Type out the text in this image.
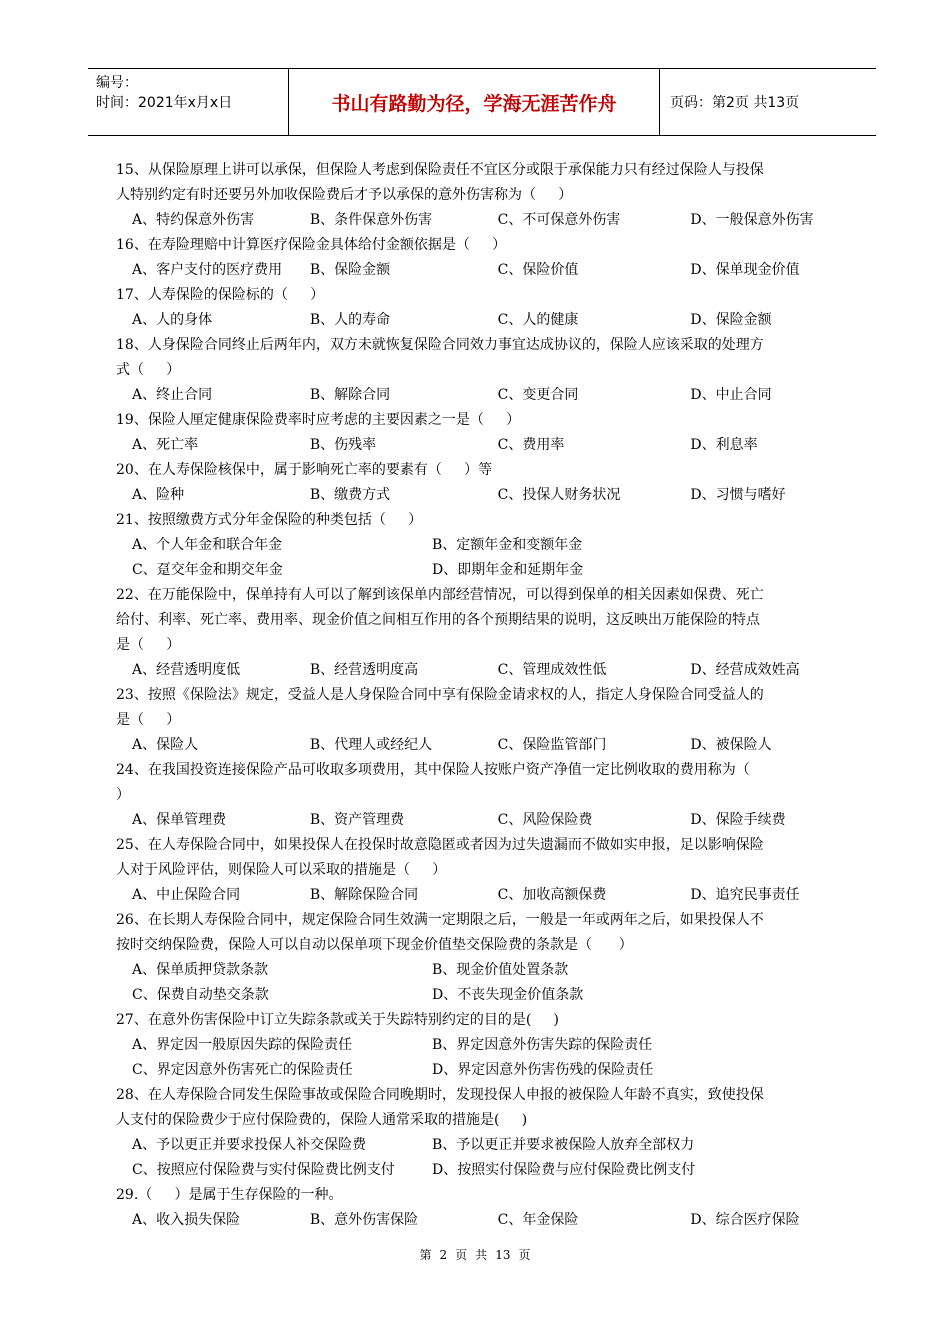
编号：
时间：2021年x月x日	书山有路勤为径，学海无涯苦作舟	页码：第2页 共13页
15、从保险原理上讲可以承保，但保险人考虑到保险责任不宜区分或限于承保能力只有经过保险人与投保
人特别约定有时还要另外加收保险费后才予以承保的意外伤害称为（     ）
A、特约保意外伤害	B、条件保意外伤害	C、不可保意外伤害	D、一般保意外伤害
16、在寿险理赔中计算医疗保险金具体给付金额依据是（     ）
A、客户支付的医疗费用	B、保险金额	C、保险价值	D、保单现金价值
17、人寿保险的保险标的（     ）
A、人的身体	B、人的寿命	C、人的健康	D、保险金额
18、人身保险合同终止后两年内，双方未就恢复保险合同效力事宜达成协议的，保险人应该采取的处理方
式（     ）
A、终止合同	B、解除合同	C、变更合同	D、中止合同
19、保险人厘定健康保险费率时应考虑的主要因素之一是（     ）
A、死亡率	B、伤残率	C、费用率	D、利息率
20、在人寿保险核保中，属于影响死亡率的要素有（     ）等
A、险种	B、缴费方式	C、投保人财务状况	D、习惯与嗜好
21、按照缴费方式分年金保险的种类包括（     ）
A、个人年金和联合年金	B、定额年金和变额年金
C、趸交年金和期交年金	D、即期年金和延期年金
22、在万能保险中，保单持有人可以了解到该保单内部经营情况，可以得到保单的相关因素如保费、死亡
给付、利率、死亡率、费用率、现金价值之间相互作用的各个预期结果的说明，这反映出万能保险的特点
是（     ）
A、经营透明度低	B、经营透明度高	C、管理成效性低	D、经营成效姓高
23、按照《保险法》规定，受益人是人身保险合同中享有保险金请求权的人，指定人身保险合同受益人的
是（     ）
A、保险人	B、代理人或经纪人	C、保险监管部门	D、被保险人
24、在我国投资连接保险产品可收取多项费用，其中保险人按账户资产净值一定比例收取的费用称为（
）
A、保单管理费	B、资产管理费	C、风险保险费	D、保险手续费
25、在人寿保险合同中，如果投保人在投保时故意隐匿或者因为过失遗漏而不做如实申报，足以影响保险
人对于风险评估，则保险人可以采取的措施是（     ）
A、中止保险合同	B、解除保险合同	C、加收高额保费	D、追究民事责任
26、在长期人寿保险合同中，规定保险合同生效满一定期限之后，一般是一年或两年之后，如果投保人不
按时交纳保险费，保险人可以自动以保单项下现金价值垫交保险费的条款是（      ）
A、保单质押贷款条款	B、现金价值处置条款
C、保费自动垫交条款	D、不丧失现金价值条款
27、在意外伤害保险中订立失踪条款或关于失踪特别约定的目的是(     )
A、界定因一般原因失踪的保险责任	B、界定因意外伤害失踪的保险责任
C、界定因意外伤害死亡的保险责任	D、界定因意外伤害伤残的保险责任
28、在人寿保险合同发生保险事故或保险合同晚期时，发现投保人申报的被保险人年龄不真实，致使投保
人支付的保险费少于应付保险费的，保险人通常采取的措施是(     )
A、予以更正并要求投保人补交保险费	B、予以更正并要求被保险人放弃全部权力
C、按照应付保险费与实付保险费比例支付	D、按照实付保险费与应付保险费比例支付
29.（     ）是属于生存保险的一种。
A、收入损失保险	B、意外伤害保险	C、年金保险	D、综合医疗保险
第 2 页 共 13 页
